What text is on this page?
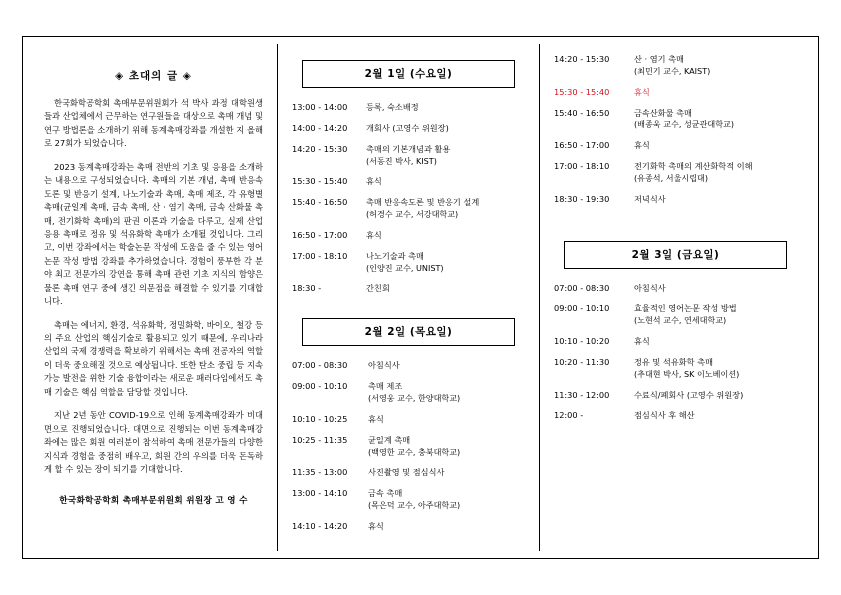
◈ 초대의 글 ◈

한국화학공학회 촉매부문위원회가 석 박사 과정 대학원생들과 산업체에서 근무하는 연구원들을 대상으로 촉매 개념 및 연구 방법론을 소개하기 위해 동계촉매강좌를 개설한 지 올해로 27회가 되었습니다.

2023 동계촉매강좌는 촉매 전반의 기초 및 응용을 소개하는 내용으로 구성되었습니다. 촉매의 기본 개념, 촉매 반응속도론 및 반응기 설계, 나노기술과 촉매, 촉매 제조, 각 유형별 촉매(균일계 촉매, 금속 촉매, 산 · 염기 촉매, 금속 산화물 촉매, 전기화학 촉매)의 판권 이론과 기술을 다루고, 실제 산업 응용 촉매로 정유 및 석유화학 촉매가 소개될 것입니다. 그리고, 이번 강좌에서는 학술논문 작성에 도움을 줄 수 있는 영어논문 작성 방법 강좌를 추가하였습니다. 경험이 풍부한 각 분야 최고 전문가의 강연을 통해 촉매 관련 기초 지식의 함양은 물론 촉매 연구 중에 생긴 의문점을 해결할 수 있기를 기대합니다.

촉매는 에너지, 환경, 석유화학, 정밀화학, 바이오, 철강 등의 주요 산업의 핵심기술로 활용되고 있기 때문에, 우리나라 산업의 국제 경쟁력을 확보하기 위해서는 촉매 전공자의 역할이 더욱 중요해질 것으로 예상됩니다. 또한 탄소 중립 등 지속 가능 발전을 위한 기술 융합이라는 새로운 패러다임에서도 촉매 기술은 핵심 역할을 담당할 것입니다.

지난 2년 동안 COVID-19으로 인해 동계촉매강좌가 비대면으로 진행되었습니다. 대면으로 진행되는 이번 동계촉매강좌에는 많은 회원 여러분이 참석하여 촉매 전문가들의 다양한 지식과 경험을 중점히 배우고, 회원 간의 우의를 더욱 돈독하게 할 수 있는 장이 되기를 기대합니다.

한국화학공학회 촉매부문위원회 위원장 고 영 수
2월 1일 (수요일)
13:00 - 14:00	등록, 숙소배정
14:00 - 14:20	개회사 (고영수 위원장)
14:20 - 15:30	촉매의 기본개념과 활용
(서동진 박사, KIST)

15:30 - 15:40	휴식
15:40 - 16:50	촉매 반응속도론 및 반응기 설계
(허경수 교수, 서강대학교)

16:50 - 17:00	휴식
17:00 - 18:10	나노기술과 촉매
(인양진 교수, UNIST)

18:30 -	간친회
2월 2일 (목요일)
07:00 - 08:30	아침식사
09:00 - 10:10	촉매 제조
(서영웅 교수, 한양대학교)

10:10 - 10:25	휴식
10:25 - 11:35	균일계 촉매
(백영한 교수, 충북대학교)

11:35 - 13:00	사진촬영 및 점심식사
13:00 - 14:10	금속 촉매
(목은덕 교수, 아주대학교)

14:10 - 14:20	휴식
14:20 - 15:30	산 · 염기 촉매
(최민기 교수, KAIST)

15:30 - 15:40	휴식
15:40 - 16:50	금속산화물 촉매
(배종욱 교수, 성균관대학교)

16:50 - 17:00	휴식
17:00 - 18:10	전기화학 촉매의 계산화학적 이해
(유종석, 서울시립대)

18:30 - 19:30	저녁식사
2월 3일 (금요일)
07:00 - 08:30	아침식사
09:00 - 10:10	효율적인 영어논문 작성 방법
(노현석 교수, 연세대학교)

10:10 - 10:20	휴식
10:20 - 11:30	정유 및 석유화학 촉매
(추대현 박사, SK 이노베이션)

11:30 - 12:00	수료식/폐회사 (고영수 위원장)
12:00 -	점심식사 후 해산
